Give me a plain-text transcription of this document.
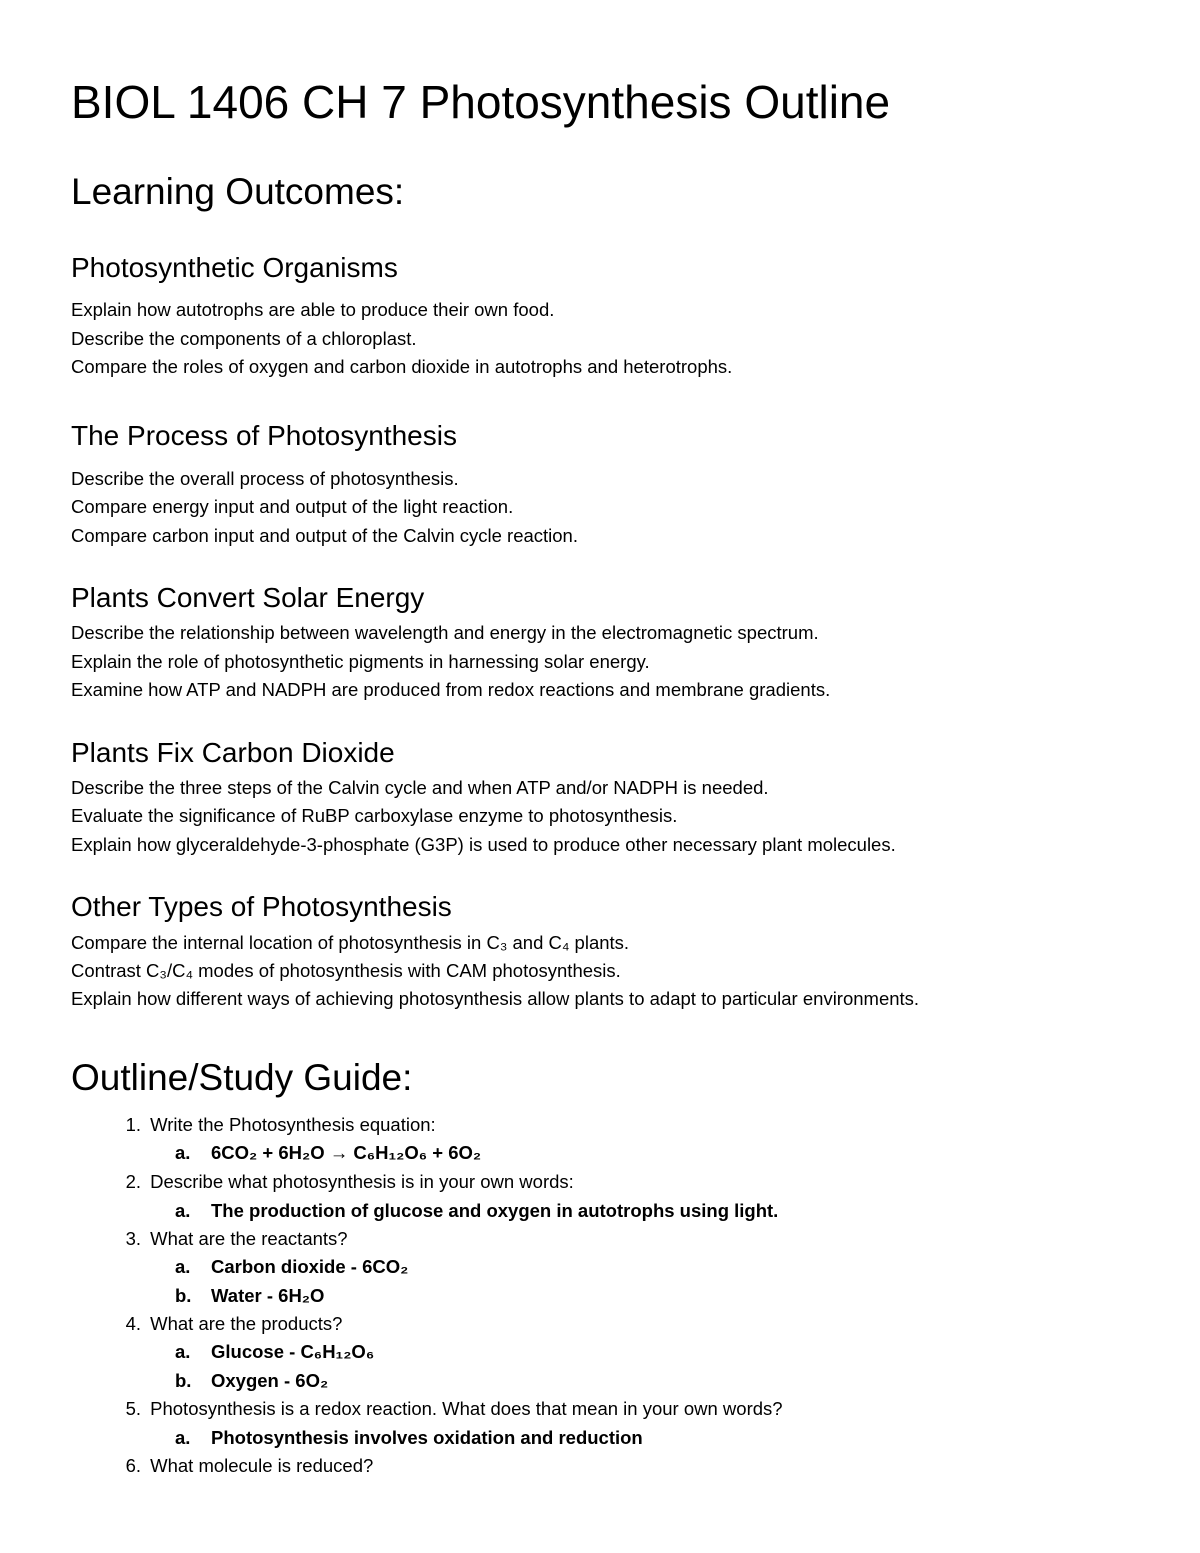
BIOL 1406 CH 7 Photosynthesis Outline
Learning Outcomes:
Photosynthetic Organisms
Explain how autotrophs are able to produce their own food.
Describe the components of a chloroplast.
Compare the roles of oxygen and carbon dioxide in autotrophs and heterotrophs.
The Process of Photosynthesis
Describe the overall process of photosynthesis.
Compare energy input and output of the light reaction.
Compare carbon input and output of the Calvin cycle reaction.
Plants Convert Solar Energy
Describe the relationship between wavelength and energy in the electromagnetic spectrum.
Explain the role of photosynthetic pigments in harnessing solar energy.
Examine how ATP and NADPH are produced from redox reactions and membrane gradients.
Plants Fix Carbon Dioxide
Describe the three steps of the Calvin cycle and when ATP and/or NADPH is needed.
Evaluate the significance of RuBP carboxylase enzyme to photosynthesis.
Explain how glyceraldehyde-3-phosphate (G3P) is used to produce other necessary plant molecules.
Other Types of Photosynthesis
Compare the internal location of photosynthesis in C₃ and C₄ plants.
Contrast C₃/C₄ modes of photosynthesis with CAM photosynthesis.
Explain how different ways of achieving photosynthesis allow plants to adapt to particular environments.
Outline/Study Guide:
1. Write the Photosynthesis equation:
a. 6CO₂ + 6H₂O → C₆H₁₂O₆ + 6O₂
2. Describe what photosynthesis is in your own words:
a. The production of glucose and oxygen in autotrophs using light.
3. What are the reactants?
a. Carbon dioxide - 6CO₂
b. Water - 6H₂O
4. What are the products?
a. Glucose - C₆H₁₂O₆
b. Oxygen - 6O₂
5. Photosynthesis is a redox reaction. What does that mean in your own words?
a. Photosynthesis involves oxidation and reduction
6. What molecule is reduced?
